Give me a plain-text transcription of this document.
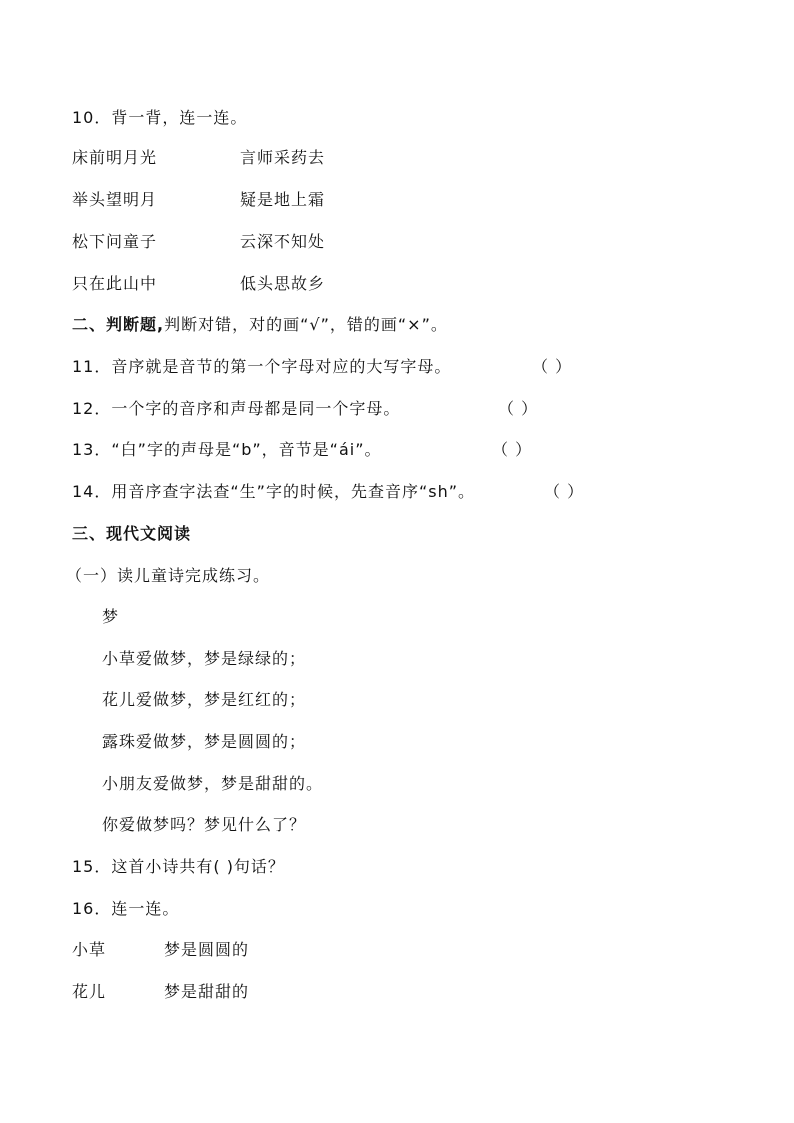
10．背一背，连一连。
床前明月光	言师采药去
举头望明月	疑是地上霜
松下问童子	云深不知处
只在此山中	低头思故乡
二、判断题,判断对错，对的画“√”，错的画“×”。
11．音序就是音节的第一个字母对应的大写字母。	（ ）
12．一个字的音序和声母都是同一个字母。	（ ）
13．“白”字的声母是“b”，音节是“ái”。	（ ）
14．用音序查字法查“生”字的时候，先查音序“sh”。	（ ）
三、现代文阅读
（一）读儿童诗完成练习。
梦
小草爱做梦，梦是绿绿的；
花儿爱做梦，梦是红红的；
露珠爱做梦，梦是圆圆的；
小朋友爱做梦，梦是甜甜的。
你爱做梦吗？梦见什么了？
15．这首小诗共有( )句话？
16．连一连。
小草	梦是圆圆的
花儿	梦是甜甜的
